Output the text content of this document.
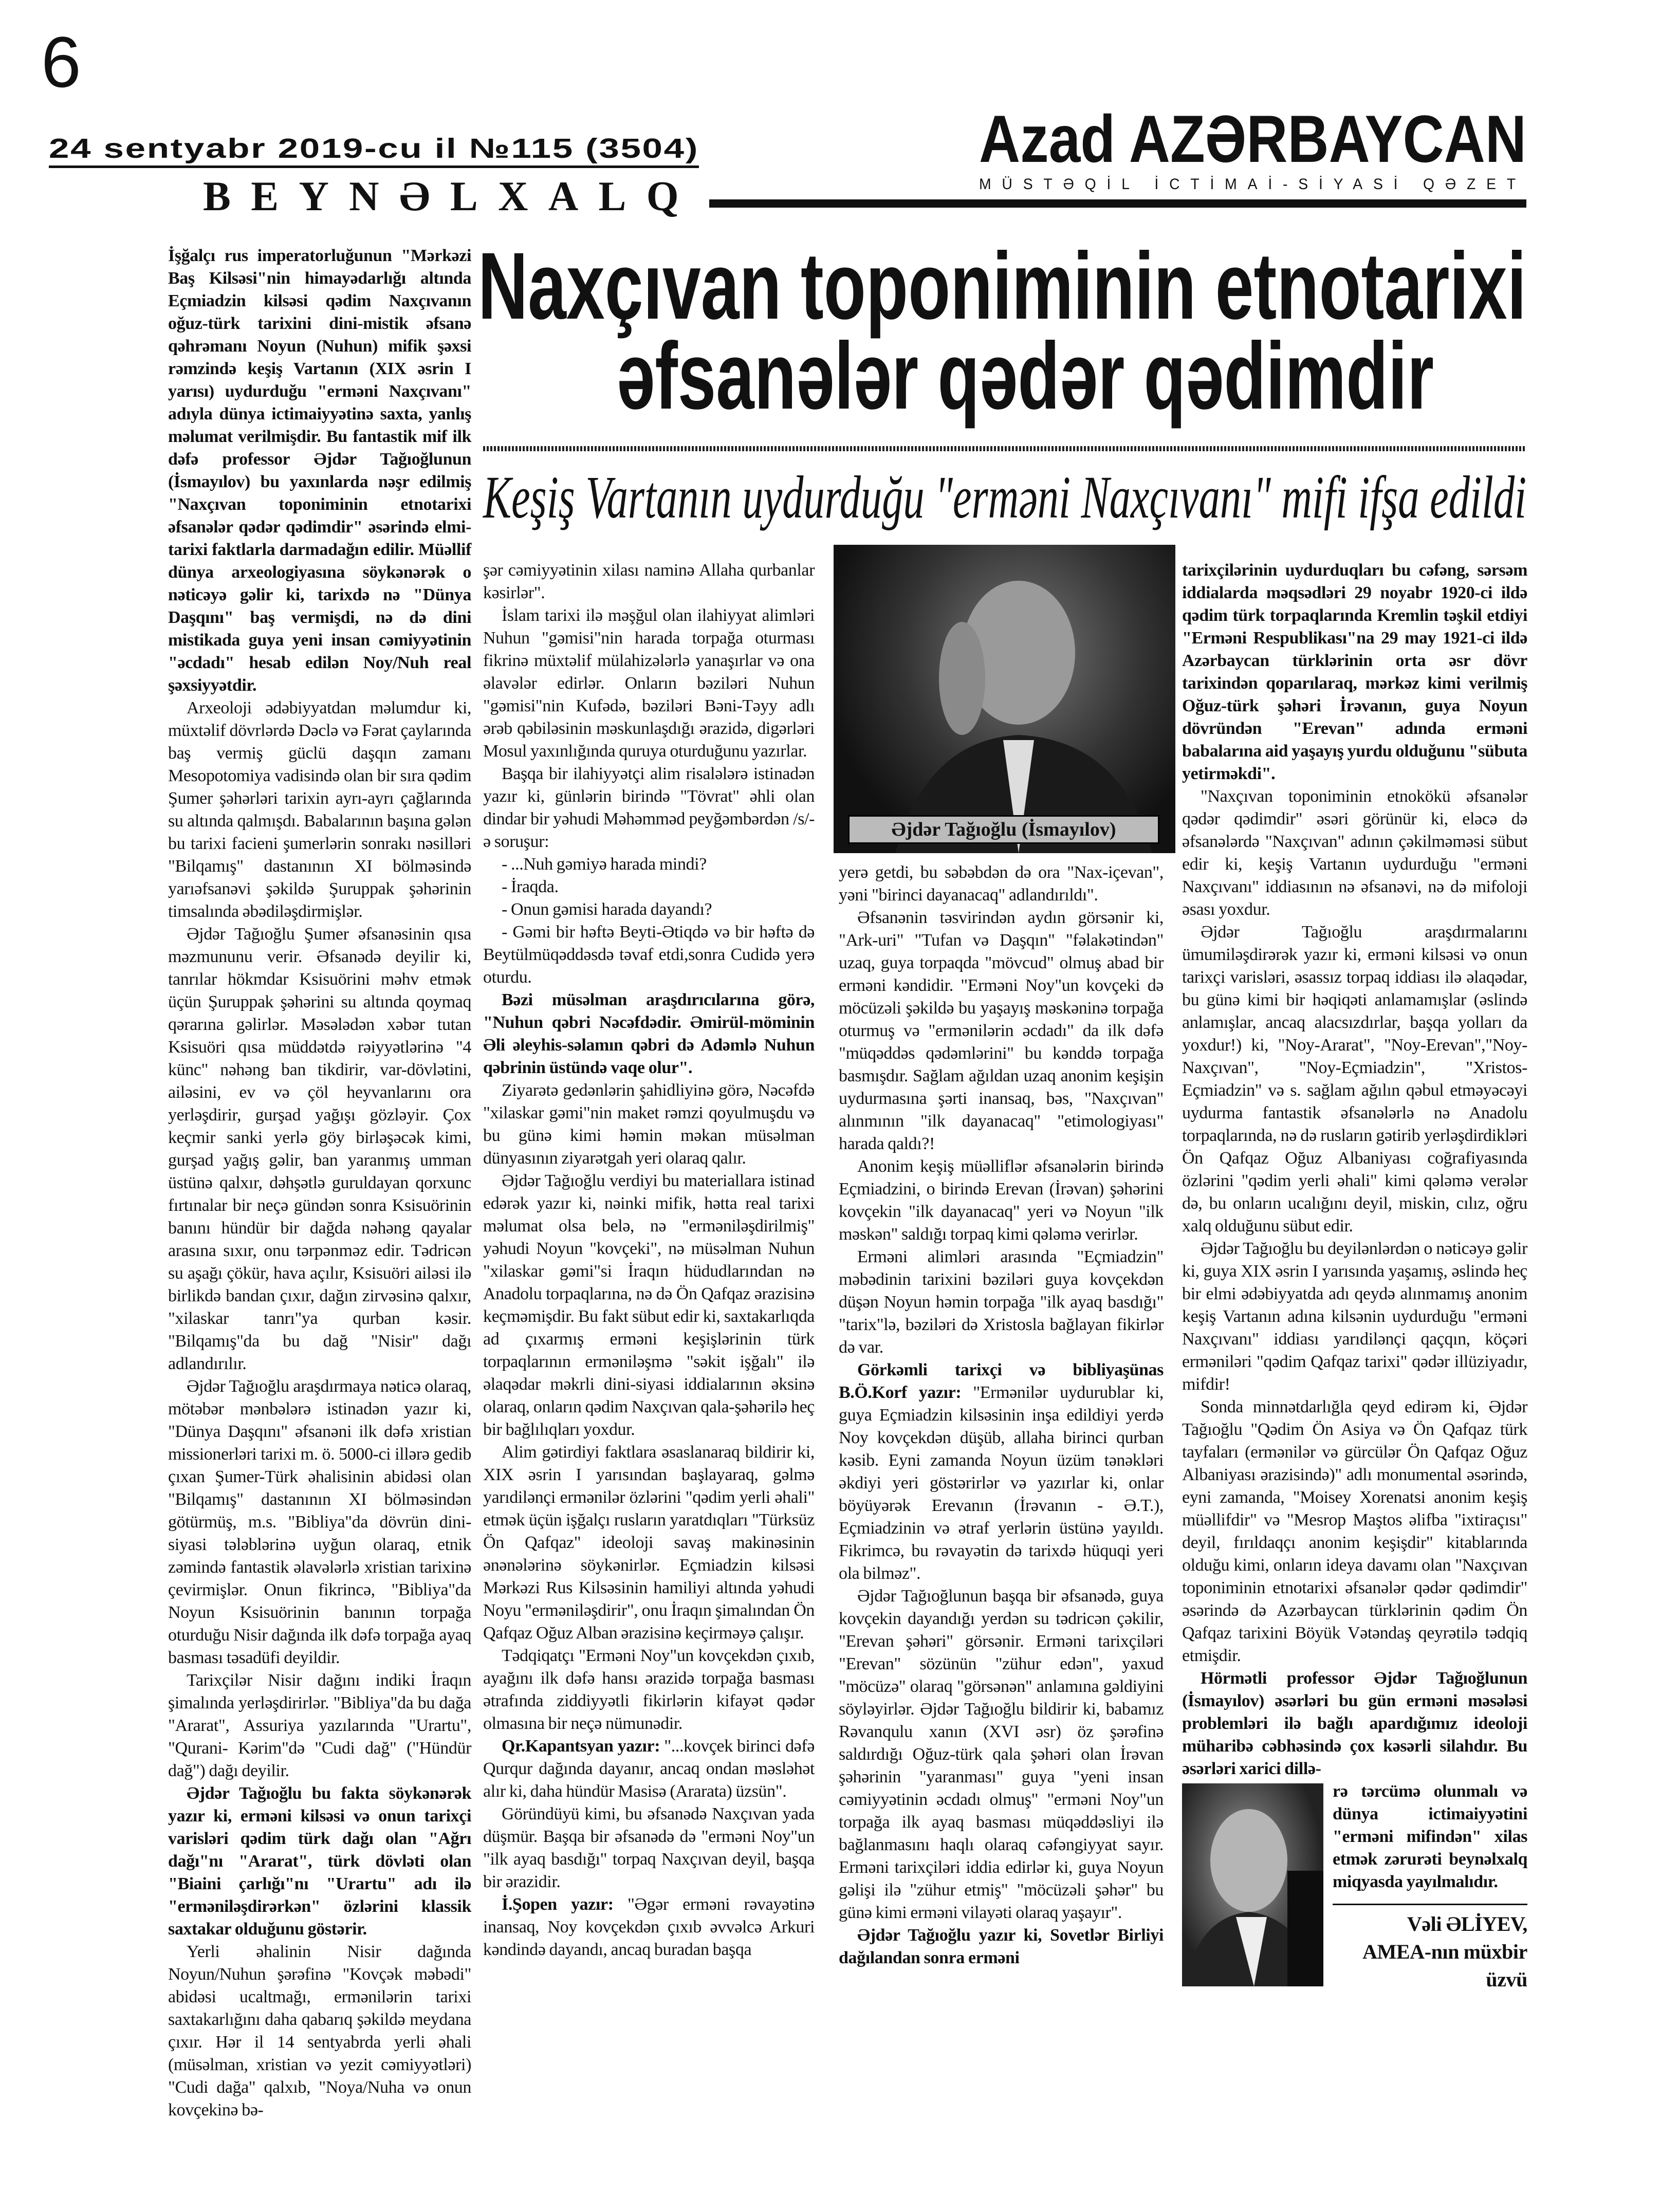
6
24 sentyabr 2019-cu il №115 (3504)
BEYNƏLXALQ
Azad AZƏRBAYCAN
MÜSTƏQİL İCTİMAİ-SİYASİ QƏZET
Naxçıvan toponiminin etnotarixi
əfsanələr qədər qədimdir
Keşiş Vartanın uydurduğu "erməni Naxçıvanı" mifi ifşa edildi
Əjdər Tağıoğlu (İsmayılov)

İşğalçı rus imperatorluğunun "Mərkəzi Baş Kilsəsi"nin himayədarlığı altında Eçmiadzin kilsəsi qədim Naxçıvanın oğuz-türk tarixini dini-mistik əfsanə qəhrəmanı Noyun (Nuhun) mifik şəxsi rəmzində keşiş Vartanın (XIX əsrin I yarısı) uydurduğu "erməni Naxçıvanı" adıyla dünya ictimaiyyətinə saxta, yanlış məlumat verilmişdir. Bu fantastik mif ilk dəfə professor Əjdər Tağıoğlunun (İsmayılov) bu yaxınlarda nəşr edilmiş "Naxçıvan toponiminin etnotarixi əfsanələr qədər qədimdir" əsərində elmi-tarixi faktlarla darmadağın edilir. Müəllif dünya arxeologiyasına söykənərək o nəticəyə gəlir ki, tarixdə nə "Dünya Daşqını" baş vermişdi, nə də dini mistikada guya yeni insan cəmiyyətinin "əcdadı" hesab edilən Noy/Nuh real şəxsiyyətdir.

Arxeoloji ədəbiyyatdan məlumdur ki, müxtəlif dövrlərdə Dəclə və Fərat çaylarında baş vermiş güclü daşqın zamanı Mesopotomiya vadisində olan bir sıra qədim Şumer şəhərləri tarixin ayrı-ayrı çağlarında su altında qalmışdı. Babalarının başına gələn bu tarixi facieni şumerlərin sonrakı nəsilləri "Bilqamış" dastanının XI bölməsində yarıəfsanəvi şəkildə Şuruppak şəhərinin timsalında əbədiləşdirmişlər.

Əjdər Tağıoğlu Şumer əfsanəsinin qısa məzmununu verir. Əfsanədə deyilir ki, tanrılar hökmdar Ksisuörini məhv etmək üçün Şuruppak şəhərini su altında qoymaq qərarına gəlirlər. Məsələdən xəbər tutan Ksisuöri qısa müddətdə rəiyyətlərinə "4 künc" nəhəng ban tikdirir, var-dövlətini, ailəsini, ev və çöl heyvanlarını ora yerləşdirir, gurşad yağışı gözləyir. Çox keçmir sanki yerlə göy birləşəcək kimi, gurşad yağış gəlir, ban yaranmış umman üstünə qalxır, dəhşətlə guruldayan qorxunc fırtınalar bir neçə gündən sonra Ksisuörinin banını hündür bir dağda nəhəng qayalar arasına sıxır, onu tərpənməz edir. Tədricən su aşağı çökür, hava açılır, Ksisuöri ailəsi ilə birlikdə bandan çıxır, dağın zirvəsinə qalxır, "xilaskar tanrı"ya qurban kəsir. "Bilqamış"da bu dağ "Nisir" dağı adlandırılır.

Əjdər Tağıoğlu araşdırmaya nəticə olaraq, mötəbər mənbələrə istinadən yazır ki, "Dünya Daşqını" əfsanəni ilk dəfə xristian missionerləri tarixi m. ö. 5000-ci illərə gedib çıxan Şumer-Türk əhalisinin abidəsi olan "Bilqamış" dastanının XI bölməsindən götürmüş, m.s. "Bibliya"da dövrün dini-siyasi tələblərinə uyğun olaraq, etnik zəmində fantastik əlavələrlə xristian tarixinə çevirmişlər. Onun fikrincə, "Bibliya"da Noyun Ksisuörinin banının torpağa oturduğu Nisir dağında ilk dəfə torpağa ayaq basması təsadüfi deyildir.

Tarixçilər Nisir dağını indiki İraqın şimalında yerləşdirirlər. "Bibliya"da bu dağa "Ararat", Assuriya yazılarında "Urartu", "Qurani- Kərim"də "Cudi dağ" ("Hündür dağ") dağı deyilir.

Əjdər Tağıoğlu bu fakta söykənərək yazır ki, erməni kilsəsi və onun tarixçi varisləri qədim türk dağı olan "Ağrı dağı"nı "Ararat", türk dövləti olan "Biaini çarlığı"nı "Urartu" adı ilə "erməniləşdirərkən" özlərini klassik saxtakar olduğunu göstərir.

Yerli əhalinin Nisir dağında Noyun/Nuhun şərəfinə "Kovçək məbədi" abidəsi ucaltmağı, ermənilərin tarixi saxtakarlığını daha qabarıq şəkildə meydana çıxır. Hər il 14 sentyabrda yerli əhali (müsəlman, xristian və yezit cəmiyyətləri) "Cudi dağa" qalxıb, "Noya/Nuha və onun kovçekinə bə-

şər cəmiyyətinin xilası naminə Allaha qurbanlar kəsirlər".

İslam tarixi ilə məşğul olan ilahiyyat alimləri Nuhun "gəmisi"nin harada torpağa oturması fikrinə müxtəlif mülahizələrlə yanaşırlar və ona əlavələr edirlər. Onların bəziləri Nuhun "gəmisi"nin Kufədə, bəziləri Bəni-Təyy adlı ərəb qəbiləsinin məskunlaşdığı ərazidə, digərləri Mosul yaxınlığında quruya oturduğunu yazırlar.

Başqa bir ilahiyyətçi alim risalələrə istinadən yazır ki, günlərin birində "Tövrat" əhli olan dindar bir yəhudi Məhəmməd peyğəmbərdən /s/-ə soruşur:

- ...Nuh gəmiyə harada mindi?

- İraqda.

- Onun gəmisi harada dayandı?

- Gəmi bir həftə Beyti-Ətiqdə və bir həftə də Beytülmüqəddəsdə təvaf etdi,sonra Cudidə yerə oturdu.

Bəzi müsəlman araşdırıcılarına görə, "Nuhun qəbri Nəcəfdədir. Əmirül-möminin Əli əleyhis-səlamın qəbri də Adəmlə Nuhun qəbrinin üstündə vaqe olur".

Ziyarətə gedənlərin şahidliyinə görə, Nəcəfdə "xilaskar gəmi"nin maket rəmzi qoyulmuşdu və bu günə kimi həmin məkan müsəlman dünyasının ziyarətgah yeri olaraq qalır.

Əjdər Tağıoğlu verdiyi bu materiallara istinad edərək yazır ki, nəinki mifik, hətta real tarixi məlumat olsa belə, nə "erməniləşdirilmiş" yəhudi Noyun "kovçeki", nə müsəlman Nuhun "xilaskar gəmi"si İraqın hüdudlarından nə Anadolu torpaqlarına, nə də Ön Qafqaz ərazisinə keçməmişdir. Bu fakt sübut edir ki, saxtakarlıqda ad çıxarmış erməni keşişlərinin türk torpaqlarının erməniləşmə "səkit işğalı" ilə əlaqədar məkrli dini-siyasi iddialarının əksinə olaraq, onların qədim Naxçıvan qala-şəhərilə heç bir bağlılıqları yoxdur.

Alim gətirdiyi faktlara əsaslanaraq bildirir ki, XIX əsrin I yarısından başlayaraq, gəlmə yarıdilənçi ermənilər özlərini "qədim yerli əhali" etmək üçün işğalçı rusların yaratdıqları "Türksüz Ön Qafqaz" ideoloji savaş makinəsinin ənənələrinə söykənirlər. Eçmiadzin kilsəsi Mərkəzi Rus Kilsəsinin hamiliyi altında yəhudi Noyu "erməniləşdirir", onu İraqın şimalından Ön Qafqaz Oğuz Alban ərazisinə keçirməyə çalışır.

Tədqiqatçı "Erməni Noy"un kovçekdən çıxıb, ayağını ilk dəfə hansı ərazidə torpağa basması ətrafında ziddiyyətli fikirlərin kifayət qədər olmasına bir neçə nümunədir.

Qr.Kapantsyan yazır: "...kovçek birinci dəfə Qurqur dağında dayanır, ancaq ondan məsləhət alır ki, daha hündür Masisə (Ararata) üzsün".

Göründüyü kimi, bu əfsanədə Naxçıvan yada düşmür. Başqa bir əfsanədə də "erməni Noy"un "ilk ayaq basdığı" torpaq Naxçıvan deyil, başqa bir ərazidir.

İ.Şopen yazır: "Əgər erməni rəvayətinə inansaq, Noy kovçekdən çıxıb əvvəlcə Arkuri kəndində dayandı, ancaq buradan başqa

yerə getdi, bu səbəbdən də ora "Nax-içevan", yəni "birinci dayanacaq" adlandırıldı".

Əfsanənin təsvirindən aydın görsənir ki, "Ark-uri" "Tufan və Daşqın" "fəlakətindən" uzaq, guya torpaqda "mövcud" olmuş abad bir erməni kəndidir. "Erməni Noy"un kovçeki də möcüzəli şəkildə bu yaşayış məskəninə torpağa oturmuş və "ermənilərin əcdadı" da ilk dəfə "müqəddəs qədəmlərini" bu kənddə torpağa basmışdır. Sağlam ağıldan uzaq anonim keşişin uydurmasına şərti inansaq, bəs, "Naxçıvan" alınmının "ilk dayanacaq" "etimologiyası" harada qaldı?!

Anonim keşiş müəlliflər əfsanələrin birində Eçmiadzini, o birində Erevan (İrəvan) şəhərini kovçekin "ilk dayanacaq" yeri və Noyun "ilk məskən" saldığı torpaq kimi qələmə verirlər.

Erməni alimləri arasında "Eçmiadzin" məbədinin tarixini bəziləri guya kovçekdən düşən Noyun həmin torpağa "ilk ayaq basdığı" "tarix"lə, bəziləri də Xristosla bağlayan fikirlər də var.

Görkəmli tarixçi və bibliyaşünas B.Ö.Korf yazır: "Ermənilər uydurublar ki, guya Eçmiadzin kilsəsinin inşa edildiyi yerdə Noy kovçekdən düşüb, allaha birinci qurban kəsib. Eyni zamanda Noyun üzüm tənəkləri əkdiyi yeri göstərirlər və yazırlar ki, onlar böyüyərək Erevanın (İrəvanın - Ə.T.), Eçmiadzinin və ətraf yerlərin üstünə yayıldı. Fikrimcə, bu rəvayətin də tarixdə hüquqi yeri ola bilməz".

Əjdər Tağıoğlunun başqa bir əfsanədə, guya kovçekin dayandığı yerdən su tədricən çəkilir, "Erevan şəhəri" görsənir. Erməni tarixçiləri "Erevan" sözünün "zühur edən", yaxud "möcüzə" olaraq "görsənən" anlamına gəldiyini söyləyirlər. Əjdər Tağıoğlu bildirir ki, babamız Rəvanqulu xanın (XVI əsr) öz şərəfinə saldırdığı Oğuz-türk qala şəhəri olan İrəvan şəhərinin "yaranması" guya "yeni insan cəmiyyətinin əcdadı olmuş" "erməni Noy"un torpağa ilk ayaq basması müqəddəsliyi ilə bağlanmasını haqlı olaraq cəfəngiyyat sayır. Erməni tarixçiləri iddia edirlər ki, guya Noyun gəlişi ilə "zühur etmiş" "möcüzəli şəhər" bu günə kimi erməni vilayəti olaraq yaşayır".

Əjdər Tağıoğlu yazır ki, Sovetlər Birliyi dağılandan sonra erməni

tarixçilərinin uydurduqları bu cəfəng, sərsəm iddialarda məqsədləri 29 noyabr 1920-ci ildə qədim türk torpaqlarında Kremlin təşkil etdiyi "Erməni Respublikası"na 29 may 1921-ci ildə Azərbaycan türklərinin orta əsr dövr tarixindən qoparılaraq, mərkəz kimi verilmiş Oğuz-türk şəhəri İrəvanın, guya Noyun dövründən "Erevan" adında erməni babalarına aid yaşayış yurdu olduğunu "sübuta yetirməkdi".

"Naxçıvan toponiminin etnokökü əfsanələr qədər qədimdir" əsəri görünür ki, eləcə də əfsanələrdə "Naxçıvan" adının çəkilməməsi sübut edir ki, keşiş Vartanın uydurduğu "erməni Naxçıvanı" iddiasının nə əfsanəvi, nə də mifoloji əsası yoxdur.

Əjdər Tağıoğlu araşdırmalarını ümumiləşdirərək yazır ki, erməni kilsəsi və onun tarixçi varisləri, əsassız torpaq iddiası ilə əlaqədar, bu günə kimi bir həqiqəti anlamamışlar (əslində anlamışlar, ancaq alacsızdırlar, başqa yolları da yoxdur!) ki, "Noy-Ararat", "Noy-Erevan","Noy-Naxçıvan", "Noy-Eçmiadzin", "Xristos-Eçmiadzin" və s. sağlam ağılın qəbul etməyəcəyi uydurma fantastik əfsanələrlə nə Anadolu torpaqlarında, nə də rusların gətirib yerləşdirdikləri Ön Qafqaz Oğuz Albaniyası coğrafiyasında özlərini "qədim yerli əhali" kimi qələmə verələr də, bu onların ucalığını deyil, miskin, cılız, oğru xalq olduğunu sübut edir.

Əjdər Tağıoğlu bu deyilənlərdən o nəticəyə gəlir ki, guya XIX əsrin I yarısında yaşamış, əslində heç bir elmi ədəbiyyatda adı qeydə alınmamış anonim keşiş Vartanın adına kilsənin uydurduğu "erməni Naxçıvanı" iddiası yarıdilənçi qaçqın, köçəri erməniləri "qədim Qafqaz tarixi" qədər illüziyadır, mifdir!

Sonda minnətdarlığla qeyd edirəm ki, Əjdər Tağıoğlu "Qədim Ön Asiya və Ön Qafqaz türk tayfaları (ermənilər və gürcülər Ön Qafqaz Oğuz Albaniyası ərazisində)" adlı monumental əsərində, eyni zamanda, "Moisey Xorenatsi anonim keşiş müəllifdir" və "Mesrop Maştos əlifba "ixtiraçısı" deyil, fırıldaqçı anonim keşişdir" kitablarında olduğu kimi, onların ideya davamı olan "Naxçıvan toponiminin etnotarixi əfsanələr qədər qədimdir" əsərində də Azərbaycan türklərinin qədim Ön Qafqaz tarixini Böyük Vətəndaş qeyrətilə tədqiq etmişdir.

Hörmətli professor Əjdər Tağıoğlunun (İsmayılov) əsərləri bu gün erməni məsələsi problemləri ilə bağlı apardığımız ideoloji müharibə cəbhəsində çox kəsərli silahdır. Bu əsərləri xarici dillə-

rə tərcümə olunmalı və dünya ictimaiyyətini "erməni mifindən" xilas etmək zərurəti beynəlxalq miqyasda yayılmalıdır.

Vəli ƏLİYEV,
AMEA-nın müxbir üzvü
